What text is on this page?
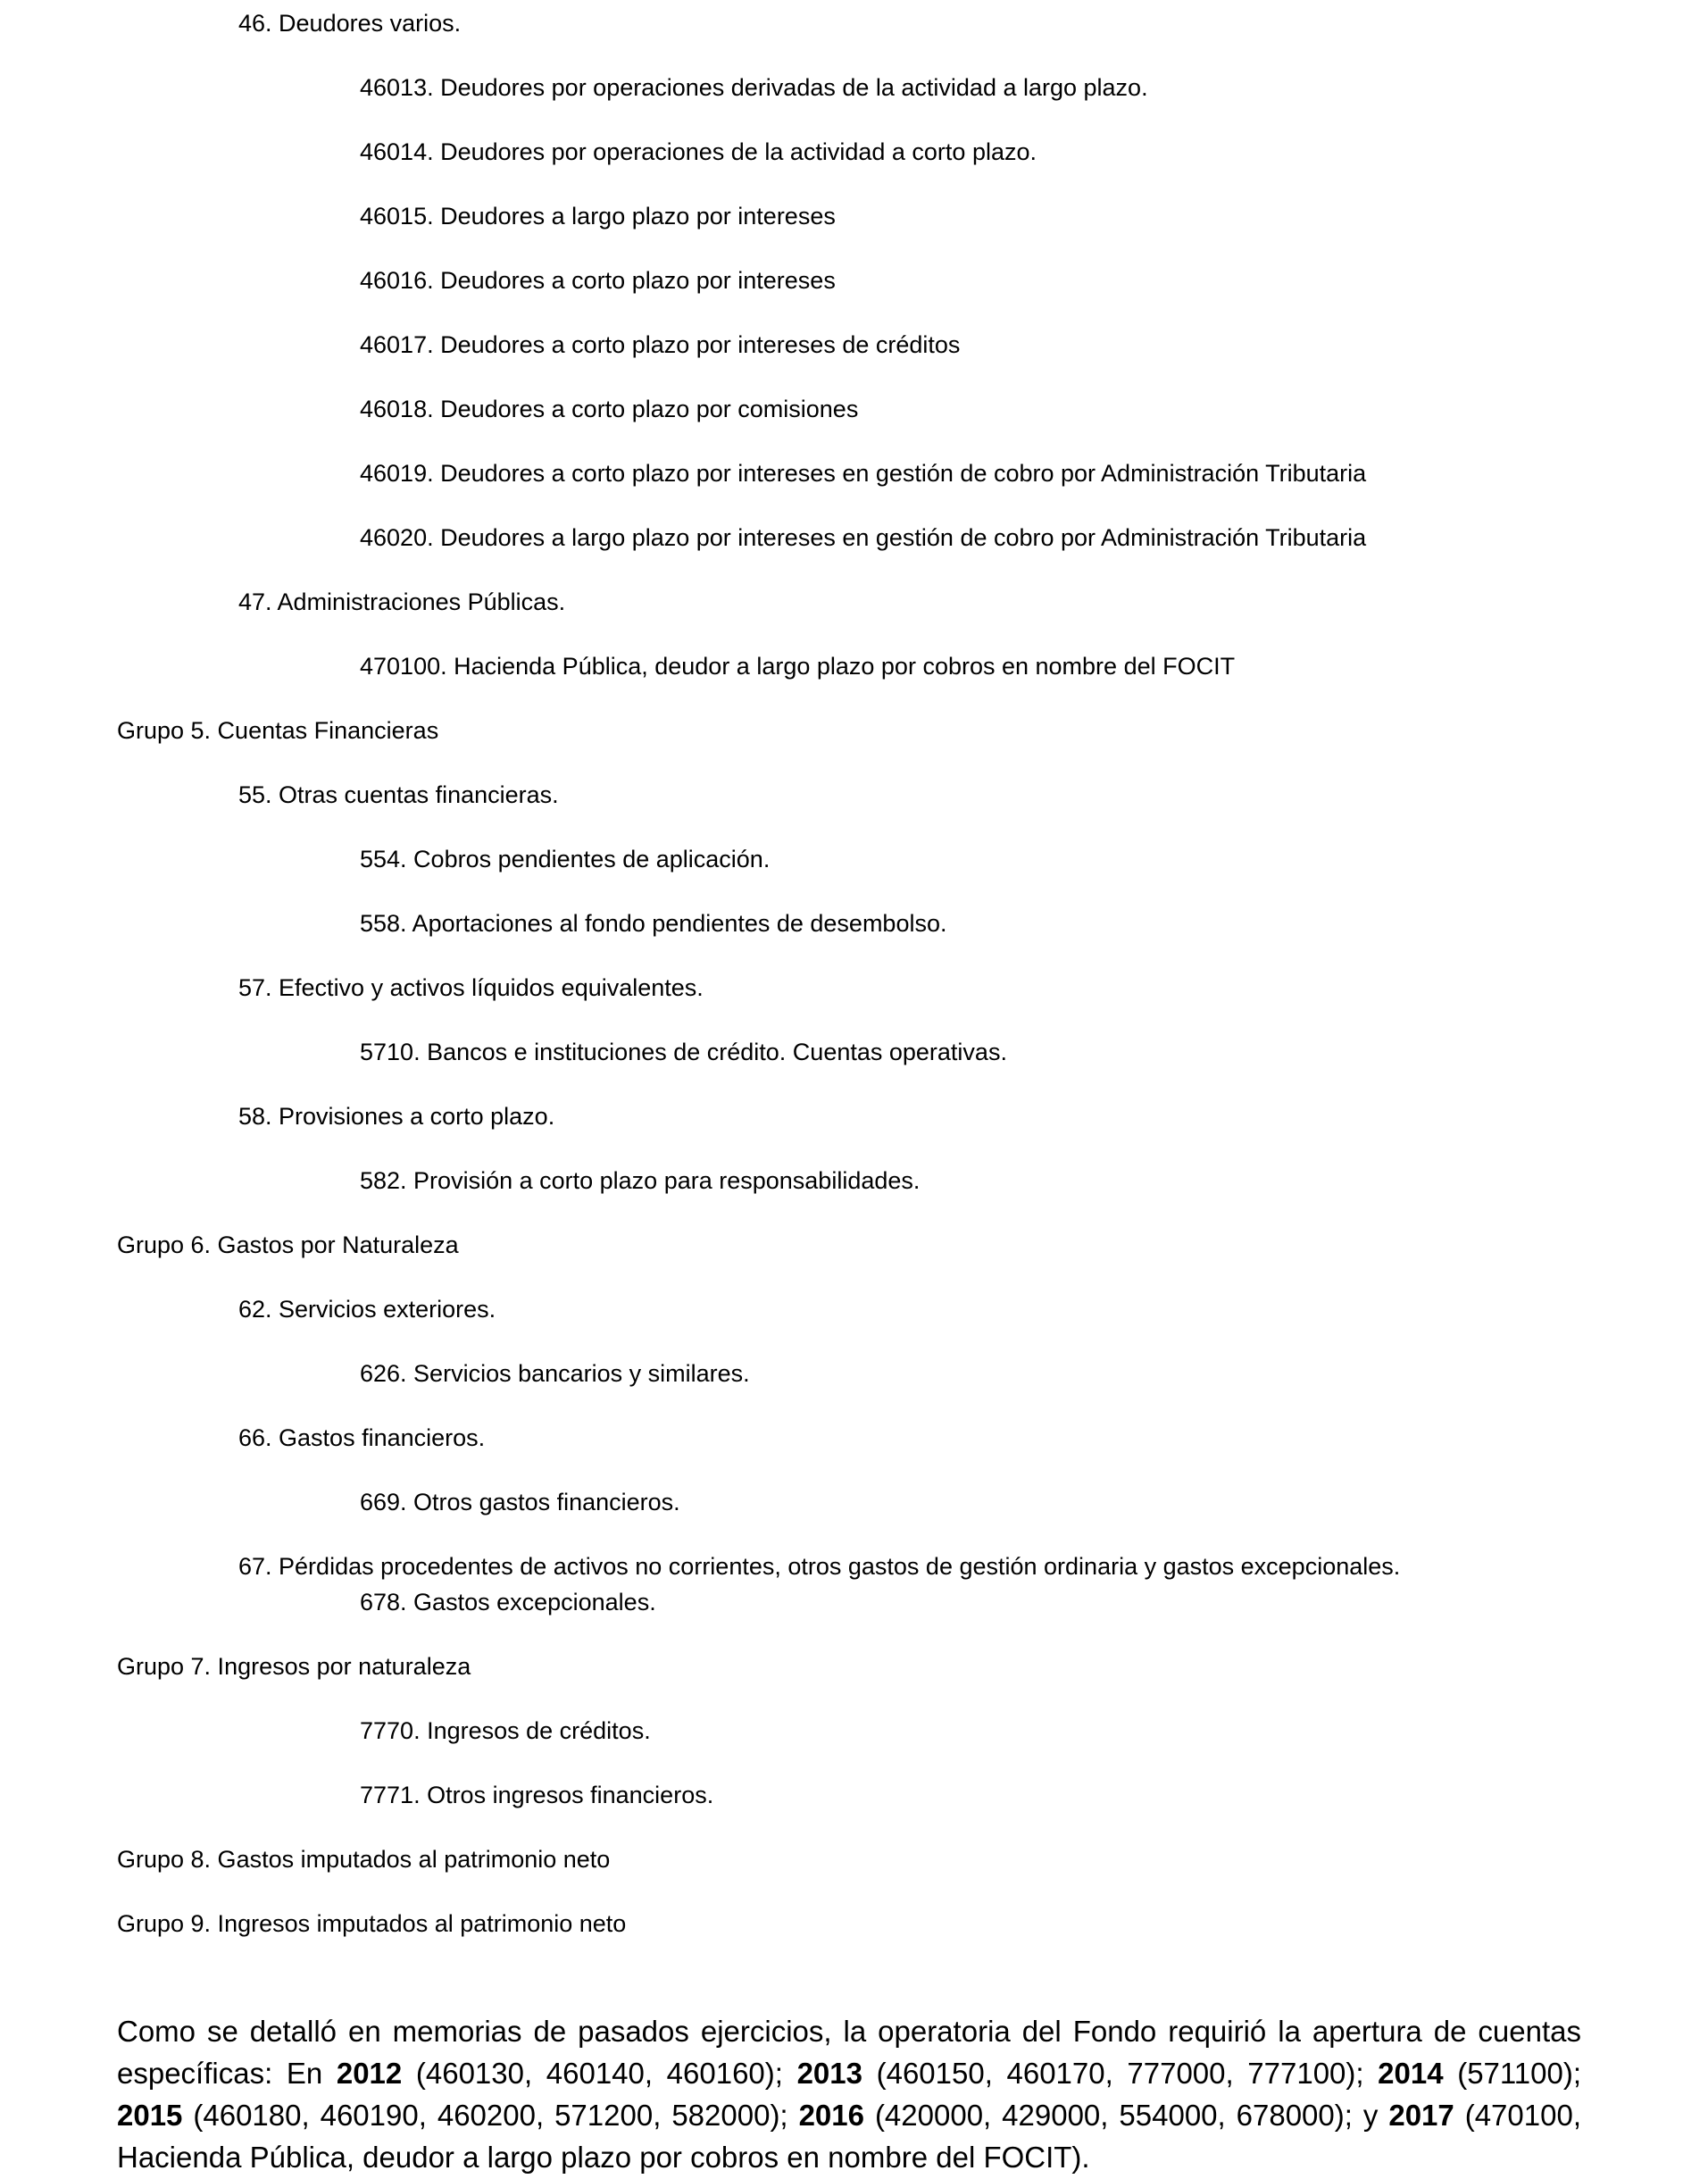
46. Deudores varios.
46013. Deudores por operaciones derivadas de la actividad a largo plazo.
46014. Deudores por operaciones de la actividad a corto plazo.
46015. Deudores a largo plazo por intereses
46016. Deudores a corto plazo por intereses
46017. Deudores a corto plazo por intereses de créditos
46018. Deudores a corto plazo por comisiones
46019. Deudores a corto plazo por intereses en gestión de cobro por Administración Tributaria
46020. Deudores a largo plazo por intereses en gestión de cobro por Administración Tributaria
47. Administraciones Públicas.
470100. Hacienda Pública, deudor a largo plazo por cobros en nombre del FOCIT
Grupo 5. Cuentas Financieras
55. Otras cuentas financieras.
554. Cobros pendientes de aplicación.
558. Aportaciones al fondo pendientes de desembolso.
57. Efectivo y activos líquidos equivalentes.
5710. Bancos e instituciones de crédito. Cuentas operativas.
58. Provisiones a corto plazo.
582. Provisión a corto plazo para responsabilidades.
Grupo 6. Gastos por Naturaleza
62. Servicios exteriores.
626. Servicios bancarios y similares.
66. Gastos financieros.
669. Otros gastos financieros.
67. Pérdidas procedentes de activos no corrientes, otros gastos de gestión ordinaria y gastos excepcionales.
678. Gastos excepcionales.
Grupo 7. Ingresos por naturaleza
7770. Ingresos de créditos.
7771. Otros ingresos financieros.
Grupo 8. Gastos imputados al patrimonio neto
Grupo 9. Ingresos imputados al patrimonio neto

Como se detalló en memorias de pasados ejercicios, la operatoria del Fondo requirió la apertura de cuentas específicas: En 2012 (460130, 460140, 460160); 2013 (460150, 460170, 777000, 777100); 2014 (571100); 2015 (460180, 460190, 460200, 571200, 582000); 2016 (420000, 429000, 554000, 678000); y 2017 (470100, Hacienda Pública, deudor a largo plazo por cobros en nombre del FOCIT).
